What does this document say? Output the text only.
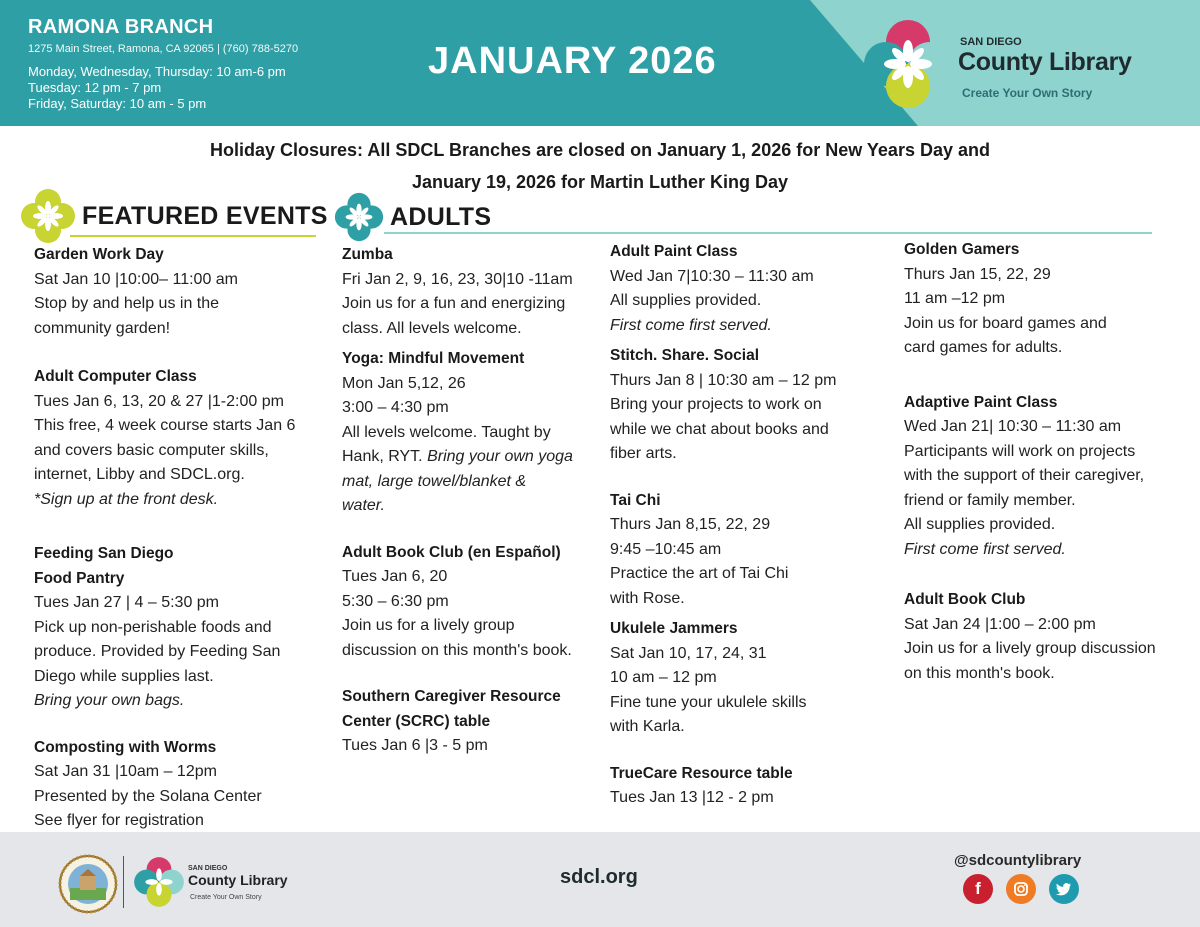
RAMONA BRANCH
1275 Main Street, Ramona, CA 92065 | (760) 788-5270
Monday, Wednesday, Thursday: 10 am-6 pm
Tuesday: 12 pm - 7 pm
Friday, Saturday: 10 am - 5 pm
JANUARY 2026	SAN DIEGO
County Library
Create Your Own Story
Holiday Closures: All SDCL Branches are closed on January 1, 2026 for New Years Day and
January 19, 2026 for Martin Luther King Day
FEATURED EVENTS ADULTS
Garden Work Day
Sat Jan 10 |10:00– 11:00 am
Stop by and help us in the
community garden!
Adult Computer Class
Tues Jan 6, 13, 20 & 27 |1-2:00 pm
This free, 4 week course starts Jan 6
and covers basic computer skills,
internet, Libby and SDCL.org.
*Sign up at the front desk.
Feeding San Diego
Food Pantry
Tues Jan 27 | 4 – 5:30 pm
Pick up non-perishable foods and
produce. Provided by Feeding San
Diego while supplies last.
Bring your own bags.
Composting with Worms
Sat Jan 31 |10am – 12pm
Presented by the Solana Center
See flyer for registration
Zumba
Fri Jan 2, 9, 16, 23, 30|10 -11am
Join us for a fun and energizing
class. All levels welcome.
Yoga: Mindful Movement
Mon Jan 5,12, 26
3:00 – 4:30 pm
All levels welcome. Taught by
Hank, RYT. Bring your own yoga
mat, large towel/blanket &
water.
Adult Book Club (en Español)
Tues Jan 6, 20
5:30 – 6:30 pm
Join us for a lively group
discussion on this month's book.
Southern Caregiver Resource
Center (SCRC) table
Tues Jan 6 |3 - 5 pm
Adult Paint Class
Wed Jan 7|10:30 – 11:30 am
All supplies provided.
First come first served.
Stitch. Share. Social
Thurs Jan 8 | 10:30 am – 12 pm
Bring your projects to work on
while we chat about books and
fiber arts.
Tai Chi
Thurs Jan 8,15, 22, 29
9:45 –10:45 am
Practice the art of Tai Chi
with Rose.
Ukulele Jammers
Sat Jan 10, 17, 24, 31
10 am – 12 pm
Fine tune your ukulele skills
with Karla.
TrueCare Resource table
Tues Jan 13 |12 - 2 pm
Golden Gamers
Thurs Jan 15, 22, 29
11 am –12 pm
Join us for board games and
card games for adults.
Adaptive Paint Class
Wed Jan 21| 10:30 – 11:30 am
Participants will work on projects
with the support of their caregiver,
friend or family member.
All supplies provided.
First come first served.
Adult Book Club
Sat Jan 24 |1:00 – 2:00 pm
Join us for a lively group discussion
on this month's book.
SAN DIEGO
County Library
Create Your Own Story
sdcl.org
@sdcountylibrary
f
